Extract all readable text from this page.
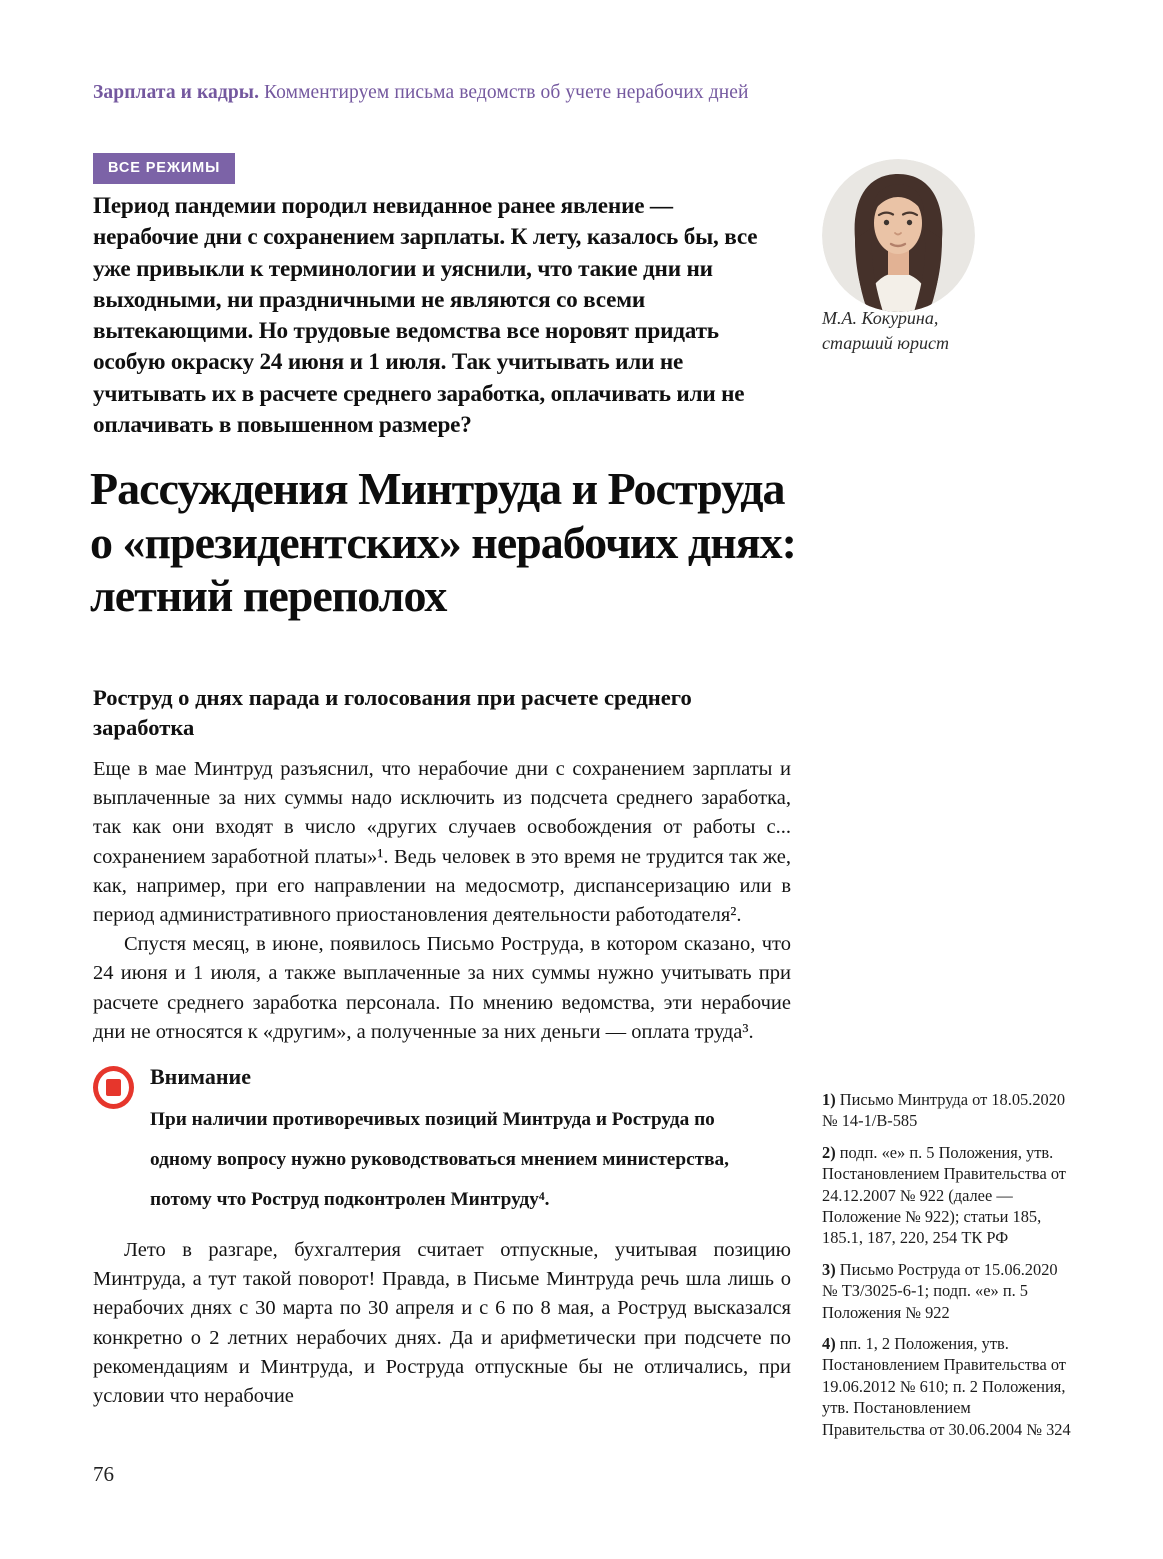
Зарплата и кадры. Комментируем письма ведомств об учете нерабочих дней
ВСЕ РЕЖИМЫ
Период пандемии породил невиданное ранее явление — нерабочие дни с сохранением зарплаты. К лету, казалось бы, все уже привыкли к терминологии и уяснили, что такие дни ни выходными, ни праздничными не являются со всеми вытекающими. Но трудовые ведомства все норовят придать особую окраску 24 июня и 1 июля. Так учитывать или не учитывать их в расчете среднего заработка, оплачивать или не оплачивать в повышенном размере?
М.А. Кокурина,
старший юрист
Рассуждения Минтруда и Роструда
о «президентских» нерабочих днях:
летний переполох
Роструд о днях парада и голосования при расчете среднего заработка

Еще в мае Минтруд разъяснил, что нерабочие дни с сохранением зарплаты и выплаченные за них суммы надо исключить из подсчета среднего заработка, так как они входят в число «других случаев освобождения от работы с... сохранением заработной платы»¹. Ведь человек в это время не трудится так же, как, например, при его направлении на медосмотр, диспансеризацию или в период административного приостановления деятельности работодателя².

Спустя месяц, в июне, появилось Письмо Роструда, в котором сказано, что 24 июня и 1 июля, а также выплаченные за них суммы нужно учитывать при расчете среднего заработка персонала. По мнению ведомства, эти нерабочие дни не относятся к «другим», а полученные за них деньги — оплата труда³.

Внимание
При наличии противоречивых позиций Минтруда и Роструда по одному вопросу нужно руководствоваться мнением министерства, потому что Роструд подконтролен Минтруду⁴.

Лето в разгаре, бухгалтерия считает отпускные, учитывая позицию Минтруда, а тут такой поворот! Правда, в Письме Минтруда речь шла лишь о нерабочих днях с 30 марта по 30 апреля и с 6 по 8 мая, а Роструд высказался конкретно о 2 летних нерабочих днях. Да и арифметически при подсчете по рекомендациям и Минтруда, и Роструда отпускные бы не отличались, при условии что нерабочие

1) Письмо Минтруда от 18.05.2020 № 14-1/В-585
2) подп. «е» п. 5 Положения, утв. Постановлением Правительства от 24.12.2007 № 922 (далее — Положение № 922); статьи 185, 185.1, 187, 220, 254 ТК РФ
3) Письмо Роструда от 15.06.2020 № ТЗ/3025-6-1; подп. «е» п. 5 Положения № 922
4) пп. 1, 2 Положения, утв. Постановлением Правительства от 19.06.2012 № 610; п. 2 Положения, утв. Постановлением Правительства от 30.06.2004 № 324
76
